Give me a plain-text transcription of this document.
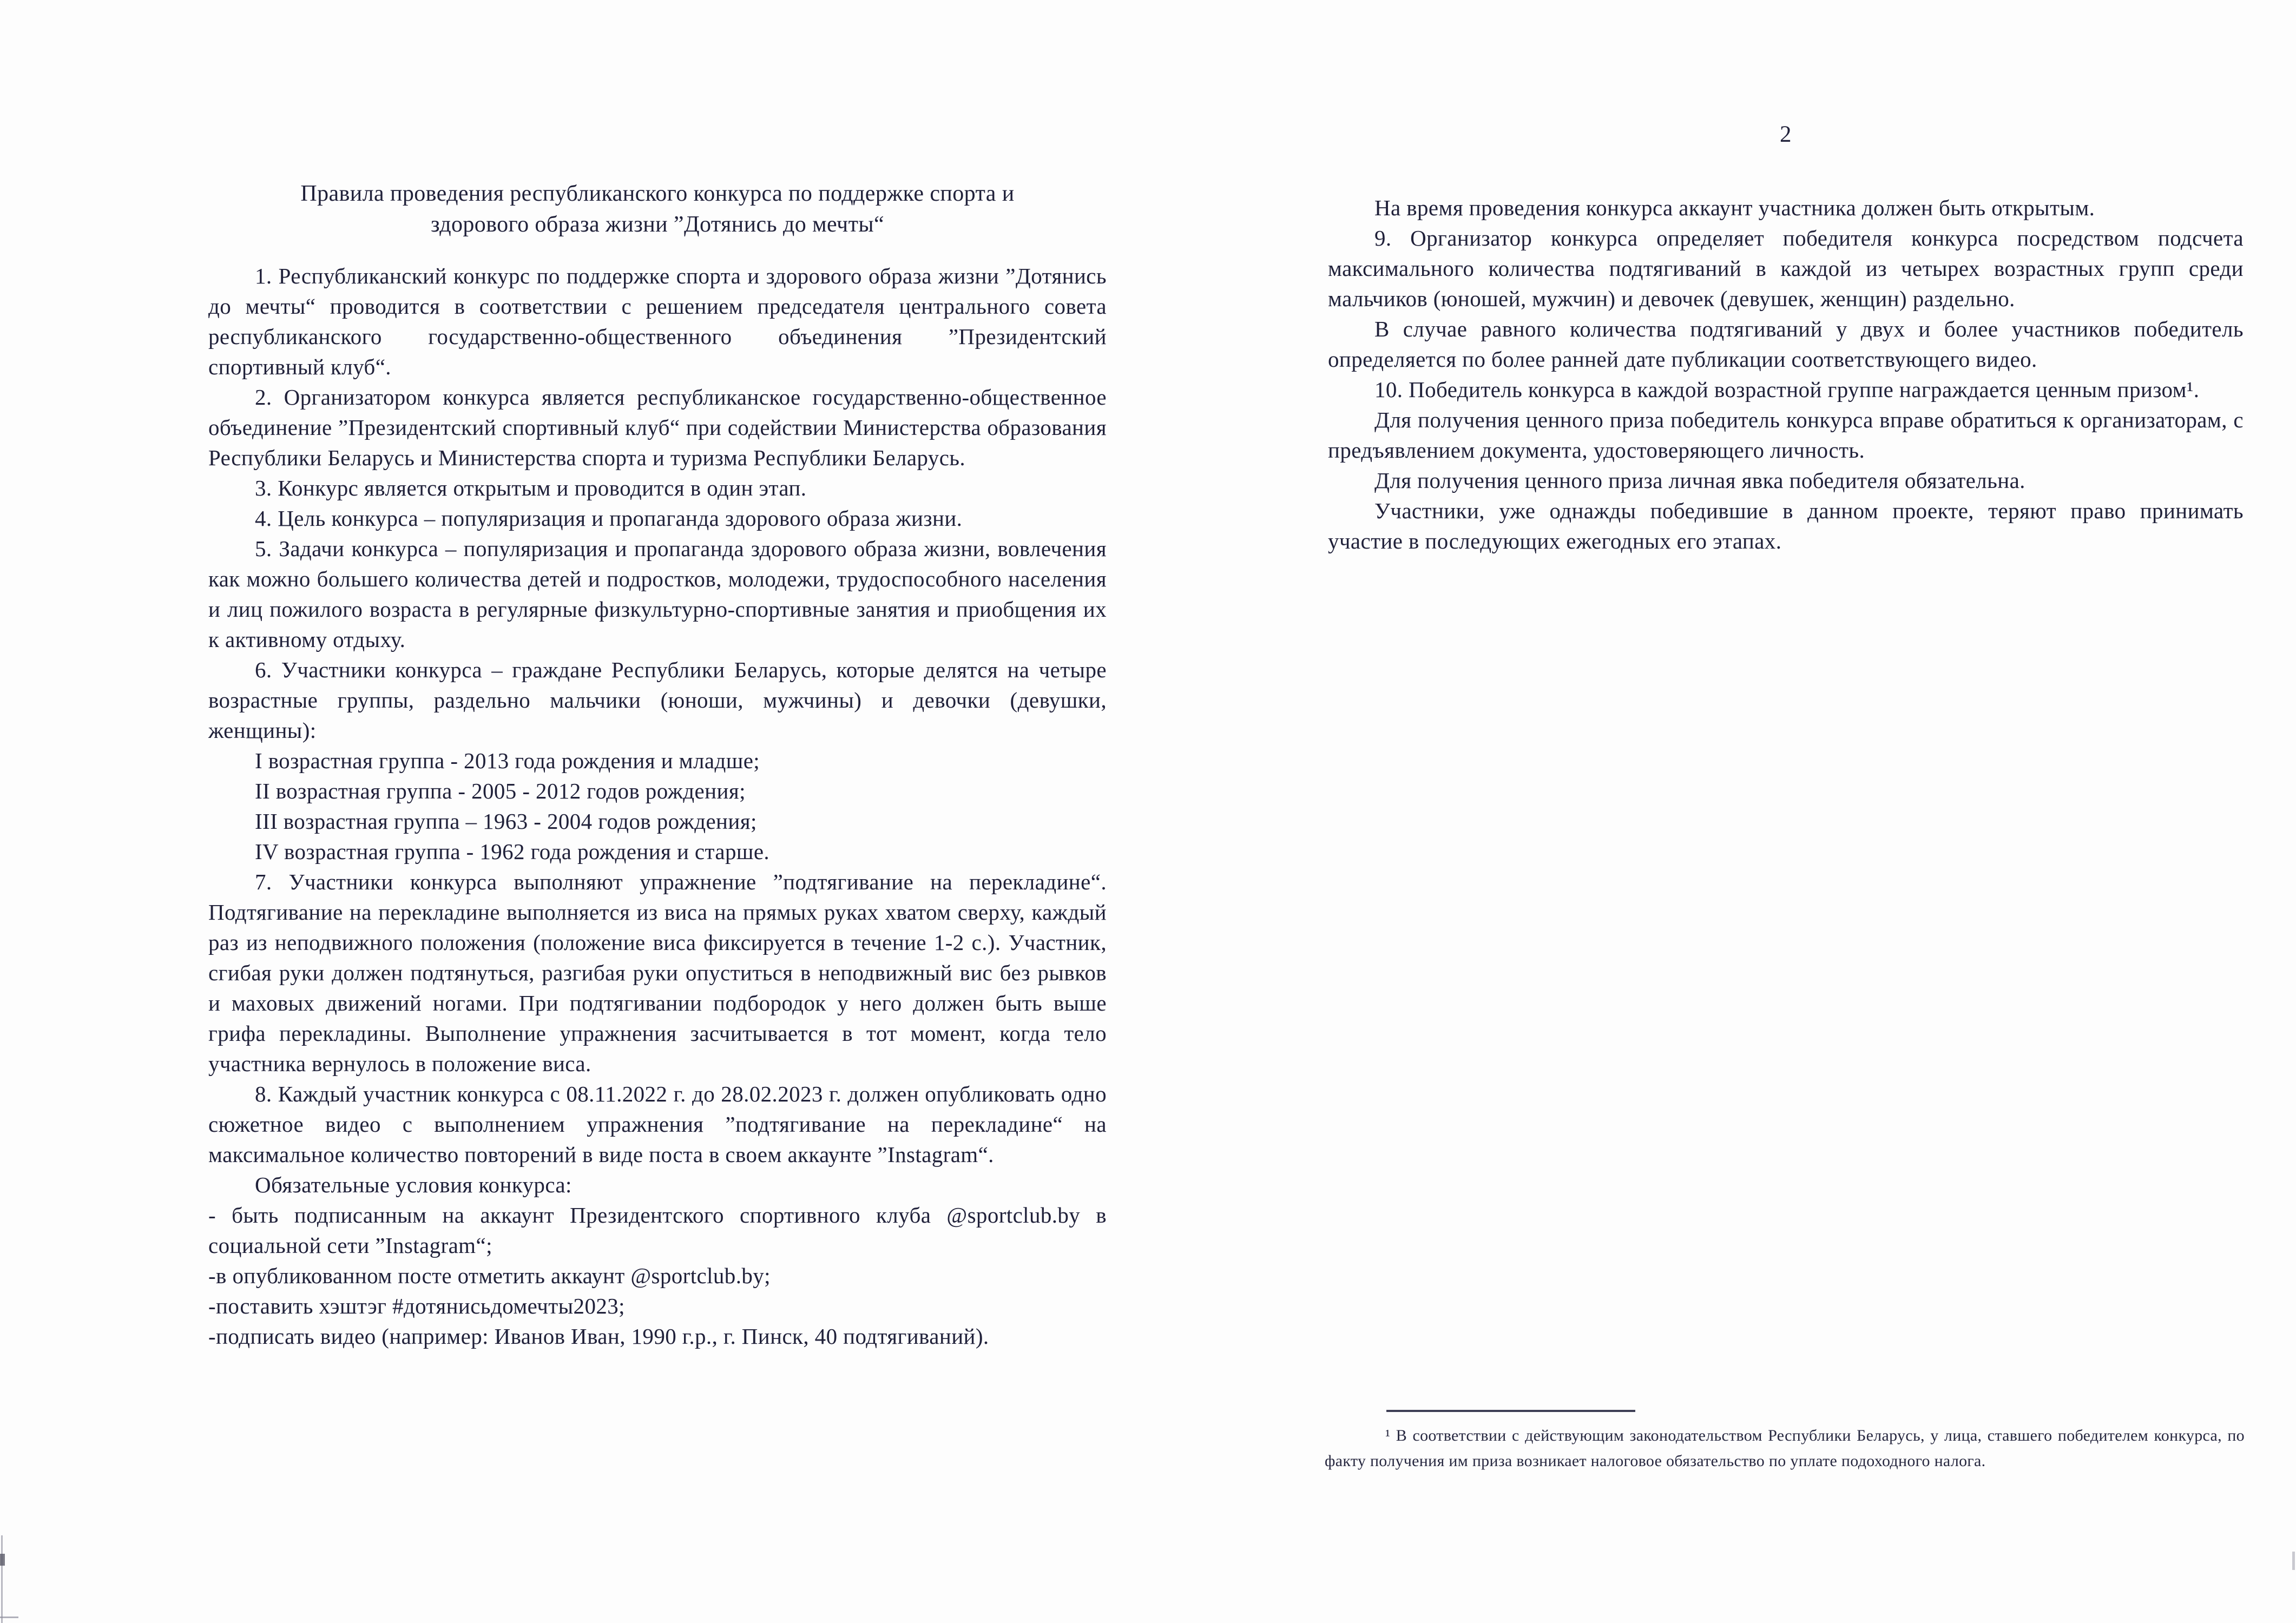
Правила проведения республиканского конкурса по поддержке спорта и
здорового образа жизни ”Дотянись до мечты“

1. Республиканский конкурс по поддержке спорта и здорового образа жизни ”Дотянись до мечты“ проводится в соответствии с решением председателя центрального совета республиканского государственно-общественного объединения ”Президентский спортивный клуб“.

2. Организатором конкурса является республиканское государственно-общественное объединение ”Президентский спортивный клуб“ при содействии Министерства образования Республики Беларусь и Министерства спорта и туризма Республики Беларусь.

3. Конкурс является открытым и проводится в один этап.

4. Цель конкурса – популяризация и пропаганда здорового образа жизни.

5. Задачи конкурса – популяризация и пропаганда здорового образа жизни, вовлечения как можно большего количества детей и подростков, молодежи, трудоспособного населения и лиц пожилого возраста в регулярные физкультурно-спортивные занятия и приобщения их к активному отдыху.

6. Участники конкурса – граждане Республики Беларусь, которые делятся на четыре возрастные группы, раздельно мальчики (юноши, мужчины) и девочки (девушки, женщины):

I возрастная группа - 2013 года рождения и младше;

II возрастная группа - 2005 - 2012 годов рождения;

III возрастная группа – 1963 - 2004 годов рождения;

IV возрастная группа - 1962 года рождения и старше.

7. Участники конкурса выполняют упражнение ”подтягивание на перекладине“. Подтягивание на перекладине выполняется из виса на прямых руках хватом сверху, каждый раз из неподвижного положения (положение виса фиксируется в течение 1-2 с.). Участник, сгибая руки должен подтянуться, разгибая руки опуститься в неподвижный вис без рывков и маховых движений ногами. При подтягивании подбородок у него должен быть выше грифа перекладины. Выполнение упражнения засчитывается в тот момент, когда тело участника вернулось в положение виса.

8. Каждый участник конкурса с 08.11.2022 г. до 28.02.2023 г. должен опубликовать одно сюжетное видео с выполнением упражнения ”подтягивание на перекладине“ на максимальное количество повторений в виде поста в своем аккаунте ”Instagram“.

Обязательные условия конкурса:

- быть подписанным на аккаунт Президентского спортивного клуба @sportclub.by в социальной сети ”Instagram“;

-в опубликованном посте отметить аккаунт @sportclub.by;

-поставить хэштэг #дотянисьдомечты2023;

-подписать видео (например: Иванов Иван, 1990 г.р., г. Пинск, 40 подтягиваний).

2

На время проведения конкурса аккаунт участника должен быть открытым.

9. Организатор конкурса определяет победителя конкурса посредством подсчета максимального количества подтягиваний в каждой из четырех возрастных групп среди мальчиков (юношей, мужчин) и девочек (девушек, женщин) раздельно.

В случае равного количества подтягиваний у двух и более участников победитель определяется по более ранней дате публикации соответствующего видео.

10. Победитель конкурса в каждой возрастной группе награждается ценным призом¹.

Для получения ценного приза победитель конкурса вправе обратиться к организаторам, с предъявлением документа, удостоверяющего личность.

Для получения ценного приза личная явка победителя обязательна.

Участники, уже однажды победившие в данном проекте, теряют право принимать участие в последующих ежегодных его этапах.

¹ В соответствии с действующим законодательством Республики Беларусь, у лица, ставшего победителем конкурса, по факту получения им приза возникает налоговое обязательство по уплате подоходного налога.
